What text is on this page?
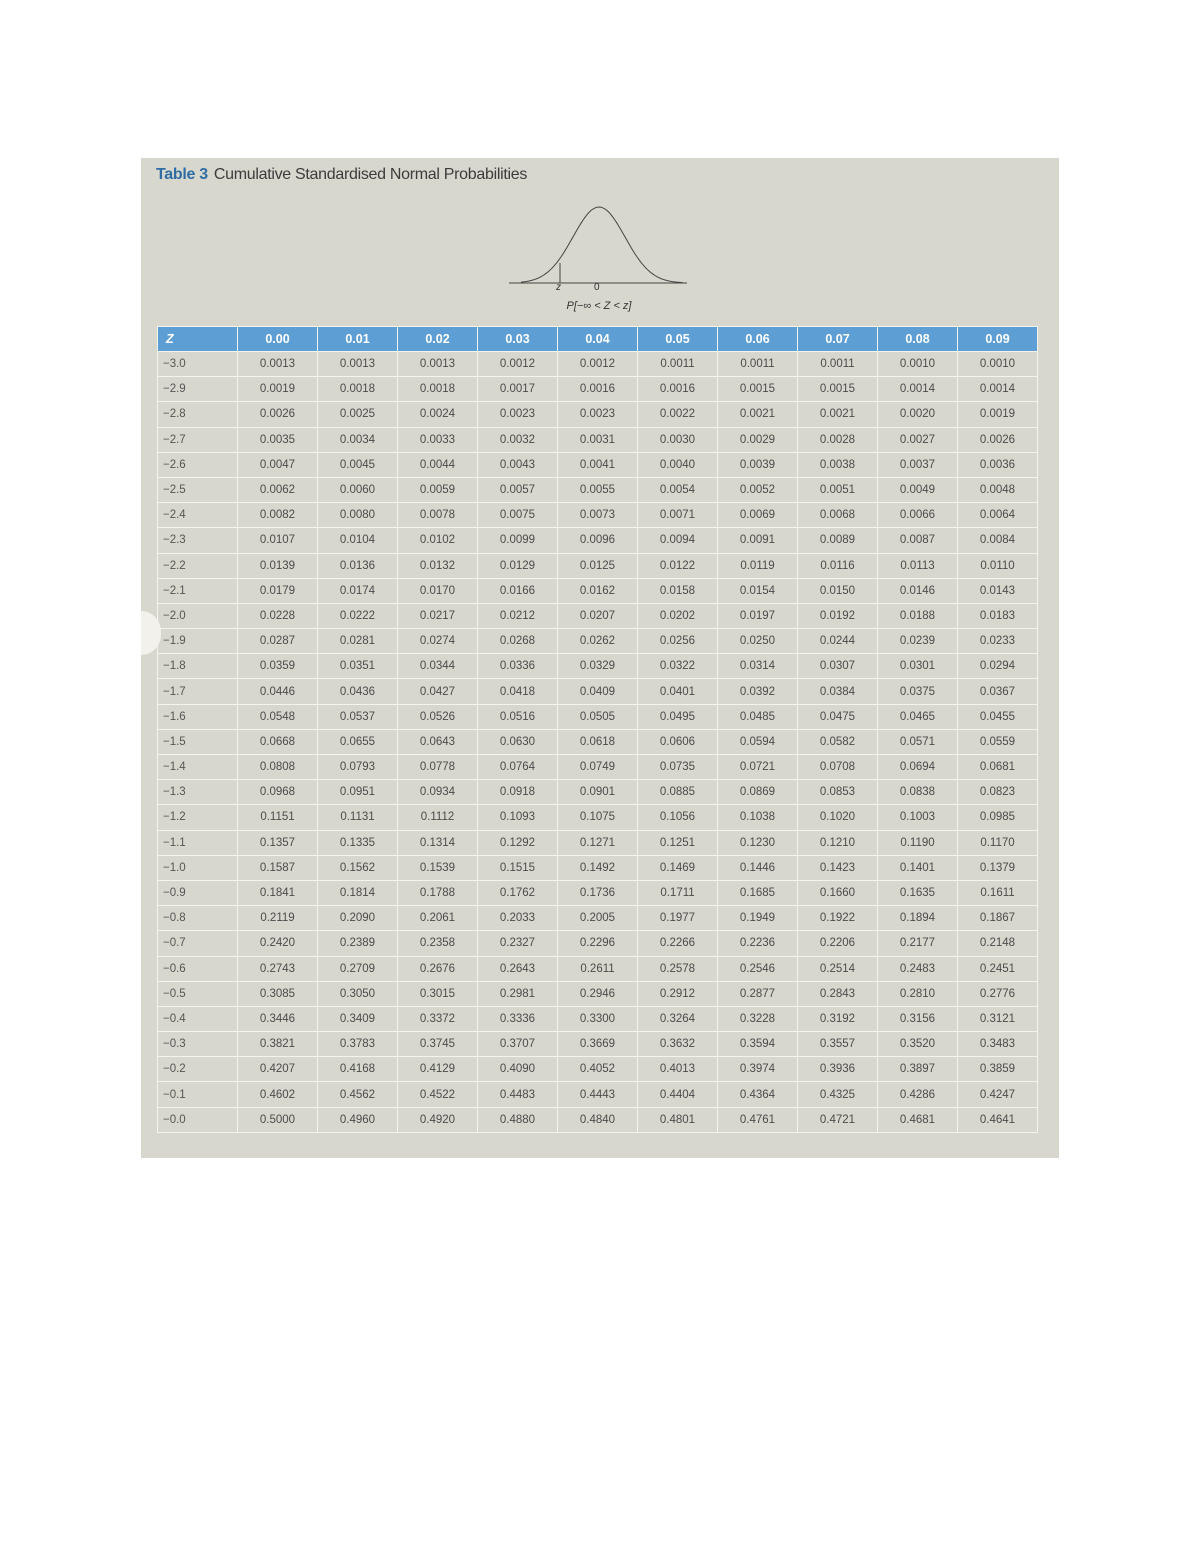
Table 3 Cumulative Standardised Normal Probabilities
z	0
P[−∞ < Z < z]
Z	0.00	0.01	0.02	0.03	0.04	0.05	0.06	0.07	0.08	0.09
−3.0	0.0013	0.0013	0.0013	0.0012	0.0012	0.0011	0.0011	0.0011	0.0010	0.0010
−2.9	0.0019	0.0018	0.0018	0.0017	0.0016	0.0016	0.0015	0.0015	0.0014	0.0014
−2.8	0.0026	0.0025	0.0024	0.0023	0.0023	0.0022	0.0021	0.0021	0.0020	0.0019
−2.7	0.0035	0.0034	0.0033	0.0032	0.0031	0.0030	0.0029	0.0028	0.0027	0.0026
−2.6	0.0047	0.0045	0.0044	0.0043	0.0041	0.0040	0.0039	0.0038	0.0037	0.0036
−2.5	0.0062	0.0060	0.0059	0.0057	0.0055	0.0054	0.0052	0.0051	0.0049	0.0048
−2.4	0.0082	0.0080	0.0078	0.0075	0.0073	0.0071	0.0069	0.0068	0.0066	0.0064
−2.3	0.0107	0.0104	0.0102	0.0099	0.0096	0.0094	0.0091	0.0089	0.0087	0.0084
−2.2	0.0139	0.0136	0.0132	0.0129	0.0125	0.0122	0.0119	0.0116	0.0113	0.0110
−2.1	0.0179	0.0174	0.0170	0.0166	0.0162	0.0158	0.0154	0.0150	0.0146	0.0143
−2.0	0.0228	0.0222	0.0217	0.0212	0.0207	0.0202	0.0197	0.0192	0.0188	0.0183
−1.9	0.0287	0.0281	0.0274	0.0268	0.0262	0.0256	0.0250	0.0244	0.0239	0.0233
−1.8	0.0359	0.0351	0.0344	0.0336	0.0329	0.0322	0.0314	0.0307	0.0301	0.0294
−1.7	0.0446	0.0436	0.0427	0.0418	0.0409	0.0401	0.0392	0.0384	0.0375	0.0367
−1.6	0.0548	0.0537	0.0526	0.0516	0.0505	0.0495	0.0485	0.0475	0.0465	0.0455
−1.5	0.0668	0.0655	0.0643	0.0630	0.0618	0.0606	0.0594	0.0582	0.0571	0.0559
−1.4	0.0808	0.0793	0.0778	0.0764	0.0749	0.0735	0.0721	0.0708	0.0694	0.0681
−1.3	0.0968	0.0951	0.0934	0.0918	0.0901	0.0885	0.0869	0.0853	0.0838	0.0823
−1.2	0.1151	0.1131	0.1112	0.1093	0.1075	0.1056	0.1038	0.1020	0.1003	0.0985
−1.1	0.1357	0.1335	0.1314	0.1292	0.1271	0.1251	0.1230	0.1210	0.1190	0.1170
−1.0	0.1587	0.1562	0.1539	0.1515	0.1492	0.1469	0.1446	0.1423	0.1401	0.1379
−0.9	0.1841	0.1814	0.1788	0.1762	0.1736	0.1711	0.1685	0.1660	0.1635	0.1611
−0.8	0.2119	0.2090	0.2061	0.2033	0.2005	0.1977	0.1949	0.1922	0.1894	0.1867
−0.7	0.2420	0.2389	0.2358	0.2327	0.2296	0.2266	0.2236	0.2206	0.2177	0.2148
−0.6	0.2743	0.2709	0.2676	0.2643	0.2611	0.2578	0.2546	0.2514	0.2483	0.2451
−0.5	0.3085	0.3050	0.3015	0.2981	0.2946	0.2912	0.2877	0.2843	0.2810	0.2776
−0.4	0.3446	0.3409	0.3372	0.3336	0.3300	0.3264	0.3228	0.3192	0.3156	0.3121
−0.3	0.3821	0.3783	0.3745	0.3707	0.3669	0.3632	0.3594	0.3557	0.3520	0.3483
−0.2	0.4207	0.4168	0.4129	0.4090	0.4052	0.4013	0.3974	0.3936	0.3897	0.3859
−0.1	0.4602	0.4562	0.4522	0.4483	0.4443	0.4404	0.4364	0.4325	0.4286	0.4247
−0.0	0.5000	0.4960	0.4920	0.4880	0.4840	0.4801	0.4761	0.4721	0.4681	0.4641
